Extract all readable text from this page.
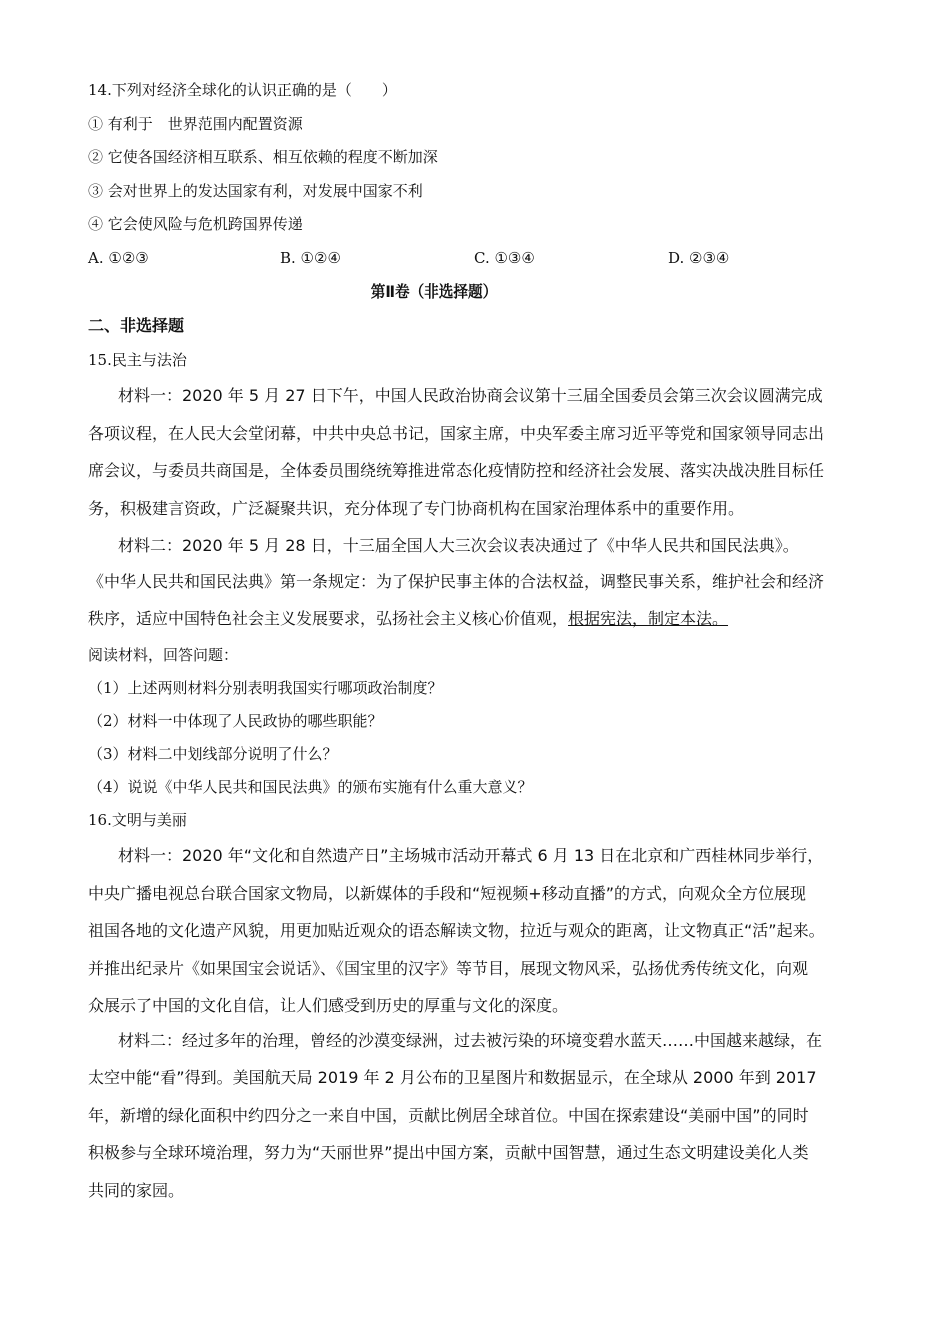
14.下列对经济全球化的认识正确的是（　　）
① 有利于　世界范围内配置资源
② 它使各国经济相互联系、相互依赖的程度不断加深
③ 会对世界上的发达国家有利，对发展中国家不利
④ 它会使风险与危机跨国界传递
A. ①②③	B. ①②④	C. ①③④	D. ②③④
第Ⅱ卷（非选择题）
二、非选择题
15.民主与法治
材料一：2020 年 5 月 27 日下午，中国人民政治协商会议第十三届全国委员会第三次会议圆满完成
各项议程，在人民大会堂闭幕，中共中央总书记，国家主席，中央军委主席习近平等党和国家领导同志出
席会议，与委员共商国是，全体委员围绕统筹推进常态化疫情防控和经济社会发展、落实决战决胜目标任
务，积极建言资政，广泛凝聚共识，充分体现了专门协商机构在国家治理体系中的重要作用。
材料二：2020 年 5 月 28 日，十三届全国人大三次会议表决通过了《中华人民共和国民法典》。
《中华人民共和国民法典》第一条规定：为了保护民事主体的合法权益，调整民事关系，维护社会和经济
秩序，适应中国特色社会主义发展要求，弘扬社会主义核心价值观，根据宪法，制定本法。
阅读材料，回答问题：
（1）上述两则材料分别表明我国实行哪项政治制度？
（2）材料一中体现了人民政协的哪些职能？
（3）材料二中划线部分说明了什么？
（4）说说《中华人民共和国民法典》的颁布实施有什么重大意义？
16.文明与美丽
材料一：2020 年“文化和自然遗产日”主场城市活动开幕式 6 月 13 日在北京和广西桂林同步举行，
中央广播电视总台联合国家文物局，以新媒体的手段和“短视频+移动直播”的方式，向观众全方位展现
祖国各地的文化遗产风貌，用更加贴近观众的语态解读文物，拉近与观众的距离，让文物真正“活”起来。
并推出纪录片《如果国宝会说话》、《国宝里的汉字》等节目，展现文物风采，弘扬优秀传统文化，向观
众展示了中国的文化自信，让人们感受到历史的厚重与文化的深度。
材料二：经过多年的治理，曾经的沙漠变绿洲，过去被污染的环境变碧水蓝天……中国越来越绿，在
太空中能“看”得到。美国航天局 2019 年 2 月公布的卫星图片和数据显示，在全球从 2000 年到 2017
年，新增的绿化面积中约四分之一来自中国，贡献比例居全球首位。中国在探索建设“美丽中国”的同时
积极参与全球环境治理，努力为“天丽世界”提出中国方案，贡献中国智慧，通过生态文明建设美化人类
共同的家园。
